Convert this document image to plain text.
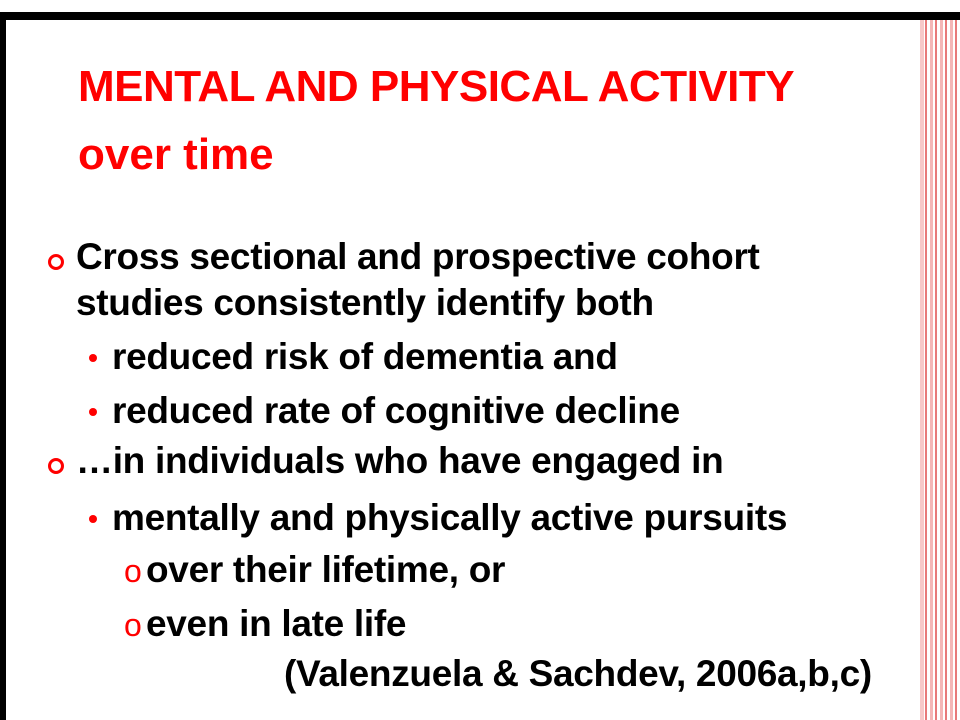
MENTAL AND PHYSICAL ACTIVITY
over time
Cross sectional and prospective cohort
studies consistently identify both
reduced risk of dementia and
reduced rate of cognitive decline
…in individuals who have engaged in
mentally and physically active pursuits
o over their lifetime, or
o even in late life
(Valenzuela & Sachdev, 2006a,b,c)
